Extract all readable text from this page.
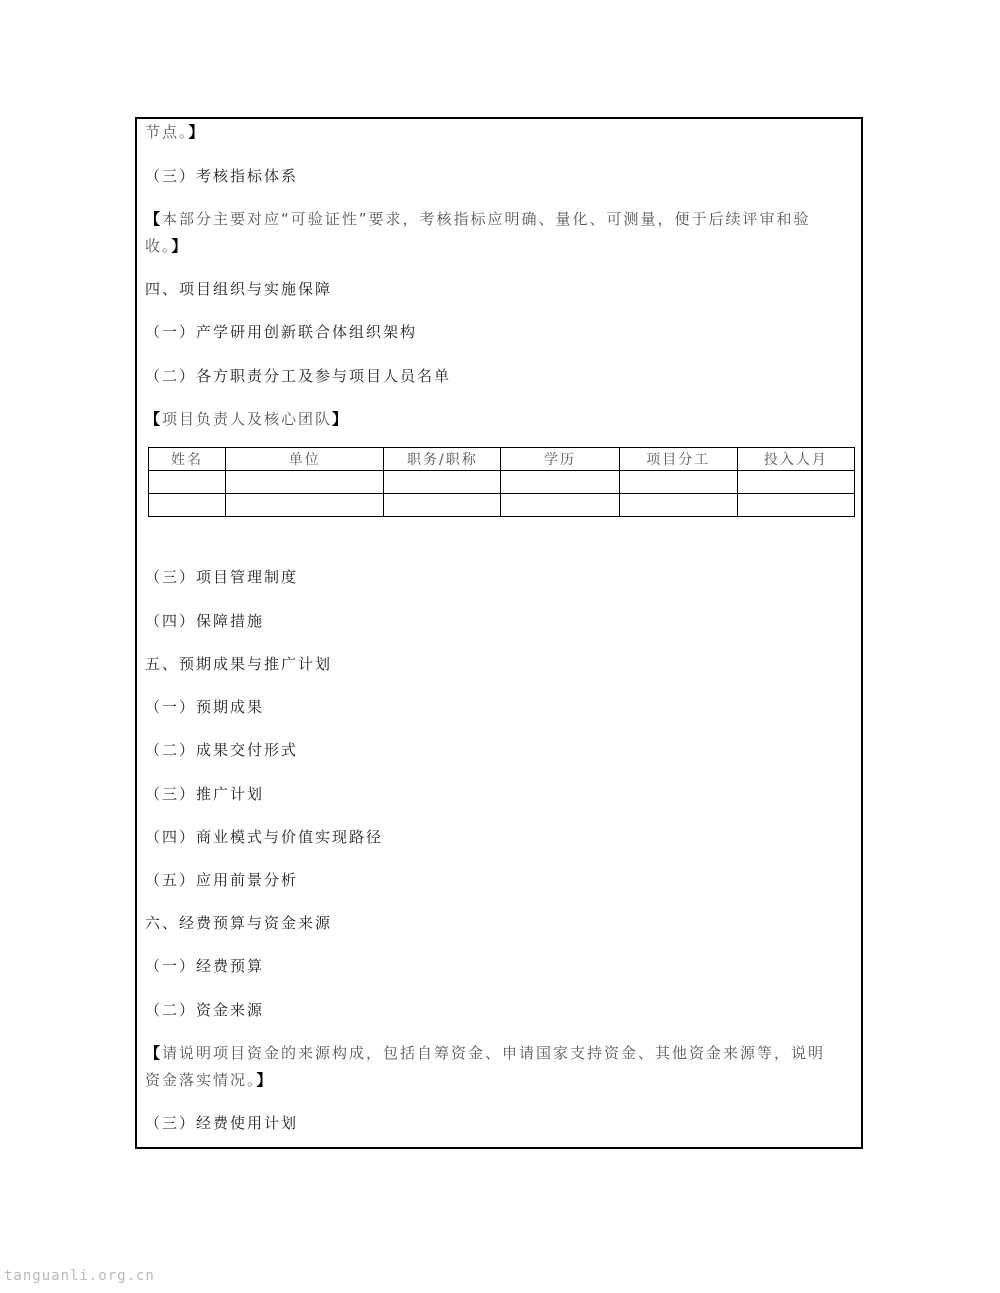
节点。】
（三）考核指标体系
【本部分主要对应“可验证性”要求，考核指标应明确、量化、可测量，便于后续评审和验
收。】
四、项目组织与实施保障
（一）产学研用创新联合体组织架构
（二）各方职责分工及参与项目人员名单
【项目负责人及核心团队】
姓名	单位	职务/职称	学历	项目分工	投入人月

（三）项目管理制度
（四）保障措施
五、预期成果与推广计划
（一）预期成果
（二）成果交付形式
（三）推广计划
（四）商业模式与价值实现路径
（五）应用前景分析
六、经费预算与资金来源
（一）经费预算
（二）资金来源
【请说明项目资金的来源构成，包括自筹资金、申请国家支持资金、其他资金来源等，说明
资金落实情况。】
（三）经费使用计划
tanguanli.org.cn
